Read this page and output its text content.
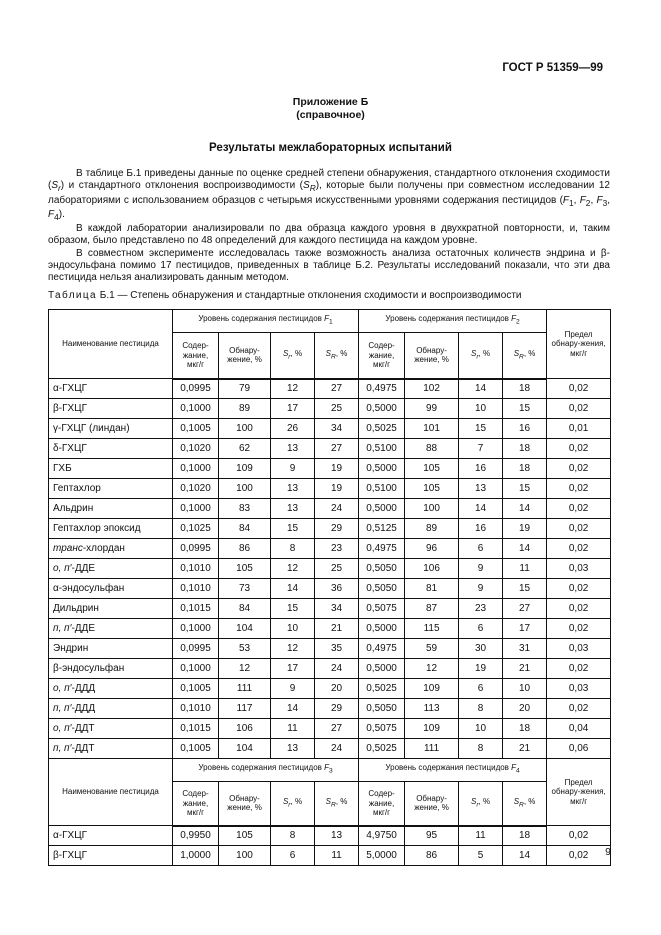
ГОСТ Р 51359—99
Приложение Б
(справочное)
Результаты межлабораторных испытаний

В таблице Б.1 приведены данные по оценке средней степени обнаружения, стандартного отклонения сходимости $(S_r)$ и стандартного отклонения воспроизводимости $(S_R)$, которые были получены при совместном исследовании 12 лабораториями с использованием образцов с четырьмя искусственными уровнями содержания пестицидов ($F_1$, $F_2$, $F_3$, $F_4$).

В каждой лаборатории анализировали по два образца каждого уровня в двухкратной повторности, и, таким образом, было представлено по 48 определений для каждого пестицида на каждом уровне.

В совместном эксперименте исследовалась также возможность анализа остаточных количеств эндрина и β-эндосульфана помимо 17 пестицидов, приведенных в таблице Б.2. Результаты исследований показали, что эти два пестицида нельзя анализировать данным методом.

Таблица Б.1 — Степень обнаружения и стандартные отклонения сходимости и воспроизводимости
Наименование пестицида	Уровень содержания пестицидов $F_1$				Уровень содержания пестицидов $F_2$				Предел обнару-жения, мкг/г
	Содер-жание, мкг/г	Обнару-жение, %	$S_r$, %	$S_R$, %	Содер-жание, мкг/г	Обнару-жение, %	$S_r$, %	$S_R$, %	
α-ГХЦГ	0,0995	79	12	27	0,4975	102	14	18	0,02
β-ГХЦГ	0,1000	89	17	25	0,5000	99	10	15	0,02
γ-ГХЦГ (линдан)	0,1005	100	26	34	0,5025	101	15	16	0,01
δ-ГХЦГ	0,1020	62	13	27	0,5100	88	7	18	0,02
ГХБ	0,1000	109	9	19	0,5000	105	16	18	0,02
Гептахлор	0,1020	100	13	19	0,5100	105	13	15	0,02
Альдрин	0,1000	83	13	24	0,5000	100	14	14	0,02
Гептахлор эпоксид	0,1025	84	15	29	0,5125	89	16	19	0,02
транс-хлордан	0,0995	86	8	23	0,4975	96	6	14	0,02
о, п′-ДДЕ	0,1010	105	12	25	0,5050	106	9	11	0,03
α-эндосульфан	0,1010	73	14	36	0,5050	81	9	15	0,02
Дильдрин	0,1015	84	15	34	0,5075	87	23	27	0,02
п, п′-ДДЕ	0,1000	104	10	21	0,5000	115	6	17	0,02
Эндрин	0,0995	53	12	35	0,4975	59	30	31	0,03
β-эндосульфан	0,1000	12	17	24	0,5000	12	19	21	0,02
о, п′-ДДД	0,1005	111	9	20	0,5025	109	6	10	0,03
п, п′-ДДД	0,1010	117	14	29	0,5050	113	8	20	0,02
о, п′-ДДТ	0,1015	106	11	27	0,5075	109	10	18	0,04
п, п′-ДДТ	0,1005	104	13	24	0,5025	111	8	21	0,06
Наименование пестицида	Уровень содержания пестицидов $F_3$				Уровень содержания пестицидов $F_4$				Предел обнару-жения, мкг/г
	Содер-жание, мкг/г	Обнару-жение, %	$S_r$, %	$S_R$, %	Содер-жание, мкг/г	Обнару-жение, %	$S_r$, %	$S_R$, %	
α-ГХЦГ	0,9950	105	8	13	4,9750	95	11	18	0,02
β-ГХЦГ	1,0000	100	6	11	5,0000	86	5	14	0,02 9
